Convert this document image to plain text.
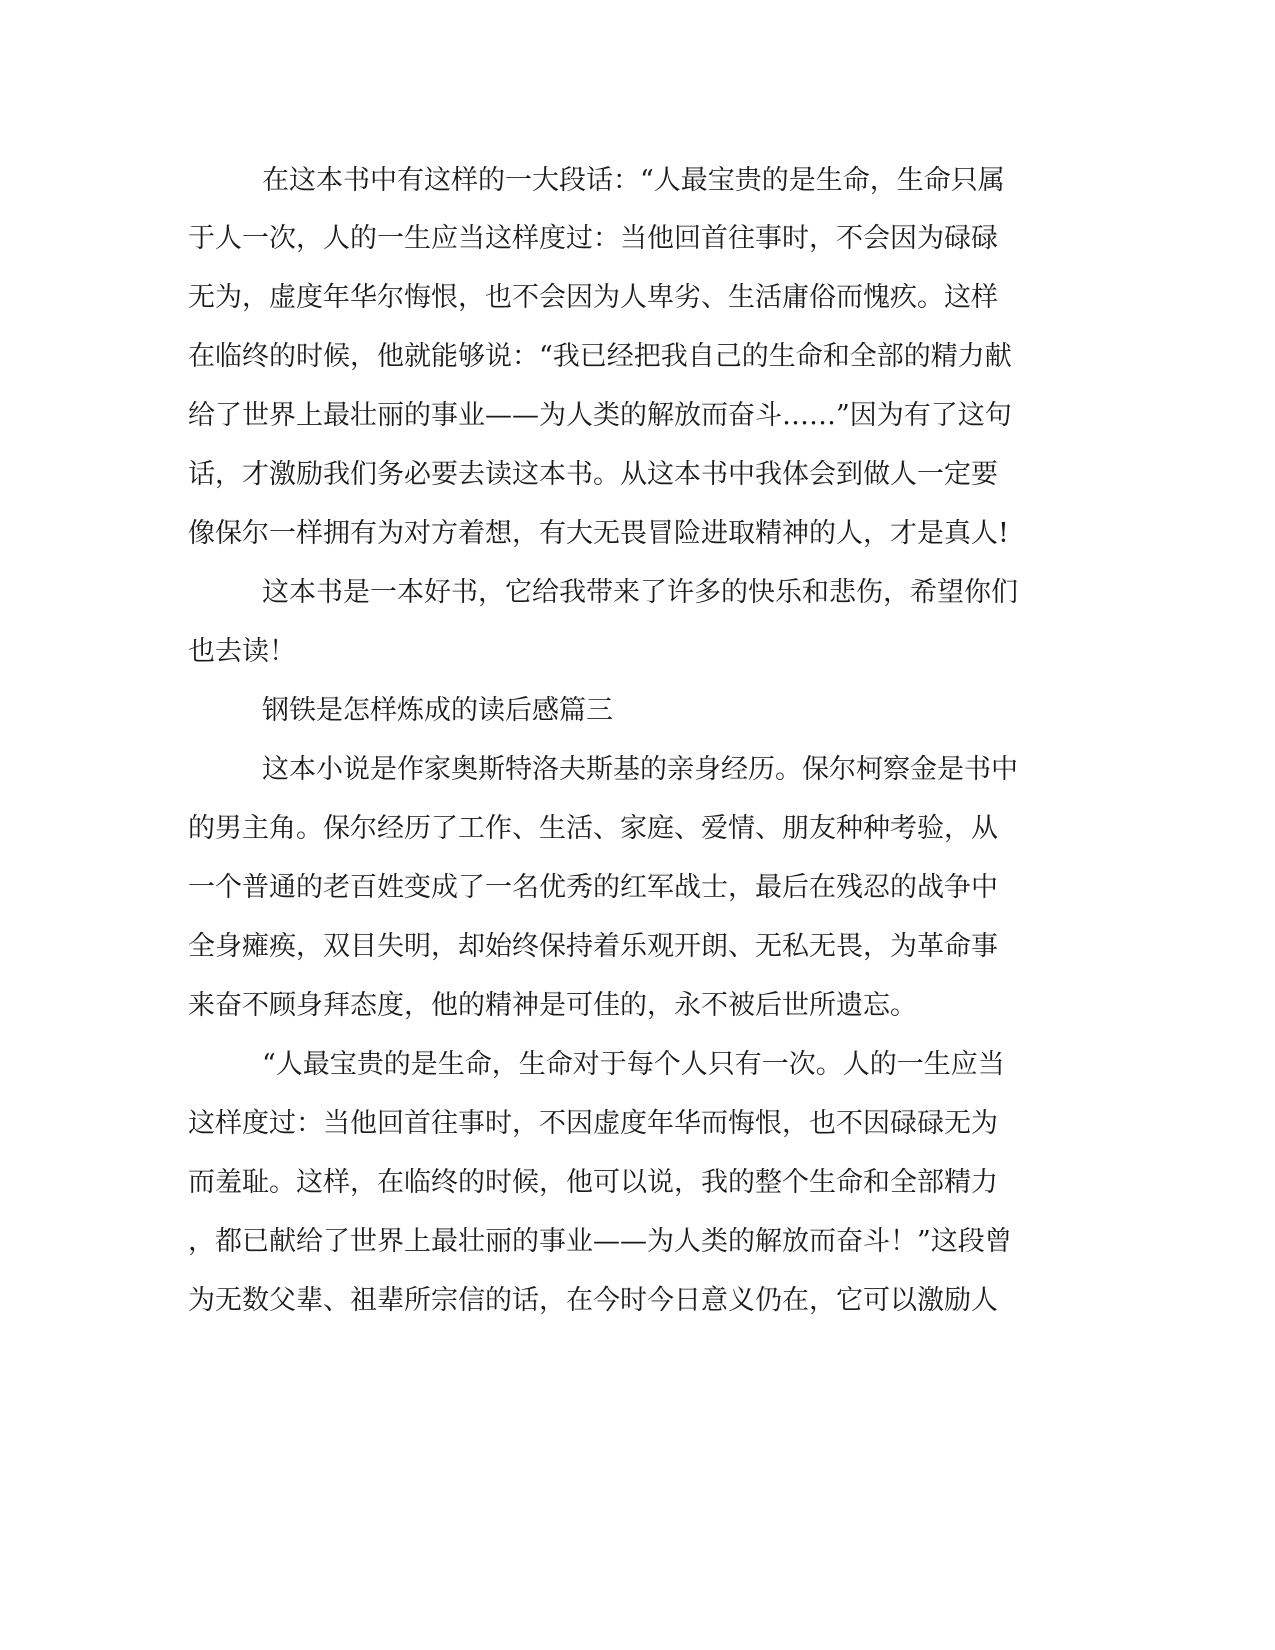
在这本书中有这样的一大段话：“人最宝贵的是生命，生命只属
于人一次，人的一生应当这样度过：当他回首往事时，不会因为碌碌
无为，虚度年华尔悔恨，也不会因为人卑劣、生活庸俗而愧疚。这样
在临终的时候，他就能够说：“我已经把我自己的生命和全部的精力献
给了世界上最壮丽的事业——为人类的解放而奋斗……”因为有了这句
话，才激励我们务必要去读这本书。从这本书中我体会到做人一定要
像保尔一样拥有为对方着想，有大无畏冒险进取精神的人，才是真人!
这本书是一本好书，它给我带来了许多的快乐和悲伤，希望你们
也去读！
钢铁是怎样炼成的读后感篇三
这本小说是作家奥斯特洛夫斯基的亲身经历。保尔柯察金是书中
的男主角。保尔经历了工作、生活、家庭、爱情、朋友种种考验，从
一个普通的老百姓变成了一名优秀的红军战士，最后在残忍的战争中
全身瘫痪，双目失明，却始终保持着乐观开朗、无私无畏，为革命事
来奋不顾身拜态度，他的精神是可佳的，永不被后世所遗忘。
“人最宝贵的是生命，生命对于每个人只有一次。人的一生应当
这样度过：当他回首往事时，不因虚度年华而悔恨，也不因碌碌无为
而羞耻。这样，在临终的时候，他可以说，我的整个生命和全部精力
，都已献给了世界上最壮丽的事业——为人类的解放而奋斗！”这段曾
为无数父辈、祖辈所宗信的话，在今时今日意义仍在，它可以激励人
